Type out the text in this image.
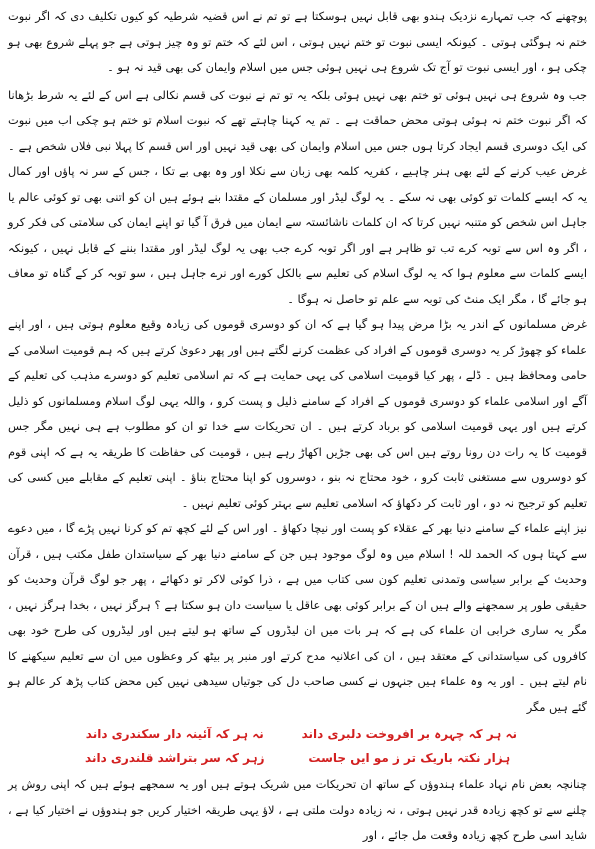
پوچھنے کہ جب تمہارے نزدیک ہندو بھی قابل نہیں ہوسکتا ہے تو تم نے اس قضیہ شرطیہ کو کیوں تکلیف دی کہ اگر نبوت ختم نہ ہوگئی ہوتی ۔ کیونکہ ایسی نبوت تو ختم نہیں ہوتی ، اس لئے کہ ختم تو وہ چیز ہوتی ہے جو پہلے شروع بھی ہو چکی ہو ، اور ایسی نبوت تو آج تک شروع ہی نہیں ہوئی جس میں اسلام وایمان کی بھی قید نہ ہو ۔

جب وہ شروع ہی نہیں ہوئی تو ختم بھی نہیں ہوئی بلکہ یہ تو تم نے نبوت کی قسم نکالی ہے اس کے لئے یہ شرط بڑھانا کہ اگر نبوت ختم نہ ہوئی ہوتی محض حماقت ہے ۔ تم یہ کہنا چاہتے تھے کہ نبوت اسلام تو ختم ہو چکی اب میں نبوت کی ایک دوسری قسم ایجاد کرتا ہوں جس میں اسلام وایمان کی بھی قید نہیں اور اس قسم کا پہلا نبی فلاں شخص ہے ۔ غرض عیب کرنے کے لئے بھی ہنر چاہیے ، کفریہ کلمہ بھی زبان سے نکلا اور وہ بھی بے تکا ، جس کے سر نہ پاؤں اور کمال یہ کہ ایسے کلمات تو کوئی بھی نہ سکے ۔ یہ لوگ لیڈر اور مسلمان کے مقتدا بنے ہوئے ہیں ان کو اتنی بھی تو کوئی عالم یا جاہل اس شخص کو متنبہ نہیں کرتا کہ ان کلمات ناشائستہ سے ایمان میں فرق آ گیا تو اپنے ایمان کی سلامتی کی فکر کرو ، اگر وہ اس سے توبہ کرے تب تو ظاہر ہے اور اگر توبہ کرے جب بھی یہ لوگ لیڈر اور مقتدا بننے کے قابل نہیں ، کیونکہ ایسے کلمات سے معلوم ہوا کہ یہ لوگ اسلام کی تعلیم سے بالکل کورے اور نرے جاہل ہیں ، سو توبہ کر کے گناہ تو معاف ہو جائے گا ، مگر ایک منٹ کی توبہ سے علم تو حاصل نہ ہوگا ۔

غرض مسلمانوں کے اندر یہ بڑا مرض پیدا ہو گیا ہے کہ ان کو دوسری قوموں کی زیادہ وقیع معلوم ہوتی ہیں ، اور اپنے علماء کو چھوڑ کر یہ دوسری قوموں کے افراد کی عظمت کرنے لگتے ہیں اور پھر دعویٰ کرتے ہیں کہ ہم قومیت اسلامی کے حامی ومحافظ ہیں ۔ ڈلے ، پھر کیا قومیت اسلامی کی یہی حمایت ہے کہ تم اسلامی تعلیم کو دوسرے مذہب کی تعلیم کے آگے اور اسلامی علماء کو دوسری قوموں کے افراد کے سامنے ذلیل و پست کرو ، واللہ یہی لوگ اسلام ومسلمانوں کو ذلیل کرتے ہیں اور یہی قومیت اسلامی کو برباد کرتے ہیں ۔ ان تحریکات سے خدا تو ان کو مطلوب ہے ہی نہیں مگر جس قومیت کا یہ رات دن رونا روتے ہیں اس کی بھی جڑیں اکھاڑ رہے ہیں ، قومیت کی حفاظت کا طریقہ یہ ہے کہ اپنی قوم کو دوسروں سے مستغنی ثابت کرو ، خود محتاج نہ بنو ، دوسروں کو اپنا محتاج بناؤ ۔ اپنی تعلیم کے مقابلے میں کسی کی تعلیم کو ترجیح نہ دو ، اور ثابت کر دکھاؤ کہ اسلامی تعلیم سے بہتر کوئی تعلیم نہیں ۔

نیز اپنے علماء کے سامنے دنیا بھر کے عقلاء کو پست اور نیچا دکھاؤ ۔ اور اس کے لئے کچھ تم کو کرنا نہیں پڑے گا ، میں دعوے سے کہتا ہوں کہ الحمد للہ ! اسلام میں وہ لوگ موجود ہیں جن کے سامنے دنیا بھر کے سیاستدان طفل مکتب ہیں ، قرآن وحدیث کے برابر سیاسی وتمدنی تعلیم کون سی کتاب میں ہے ، ذرا کوئی لاکر تو دکھائے ، پھر جو لوگ قرآن وحدیث کو حقیقی طور پر سمجھنے والے ہیں ان کے برابر کوئی بھی عاقل یا سیاست دان ہو سکتا ہے ؟ ہرگز نہیں ، بخدا ہرگز نہیں ، مگر یہ ساری خرابی ان علماء کی ہے کہ ہر بات میں ان لیڈروں کے ساتھ ہو لیتے ہیں اور لیڈروں کی طرح خود بھی کافروں کی سیاستدانی کے معتقد ہیں ، ان کی اعلانیہ مدح کرتے اور منبر پر بیٹھ کر وعظوں میں ان سے تعلیم سیکھنے کا نام لیتے ہیں ۔ اور یہ وہ علماء ہیں جنہوں نے کسی صاحب دل کی جوتیاں سیدھی نہیں کیں محض کتاب پڑھ کر عالم ہو گئے ہیں مگر

نہ ہر کہ چہرہ بر افروخت دلبری داند
نہ ہر کہ آئینہ دار سکندری داند
ہزار نکتہ باریک تر ز مو ایں جاست
زہر کہ سر بتراشد قلندری داند

چنانچہ بعض نام نہاد علماء ہندوؤں کے ساتھ ان تحریکات میں شریک ہوتے ہیں اور یہ سمجھے ہوئے ہیں کہ اپنی روش پر چلنے سے تو کچھ زیادہ قدر نہیں ہوتی ، نہ زیادہ دولت ملتی ہے ، لاؤ یہی طریقہ اختیار کریں جو ہندوؤں نے اختیار کیا ہے ، شاید اسی طرح کچھ زیادہ وقعت مل جائے ، اور
